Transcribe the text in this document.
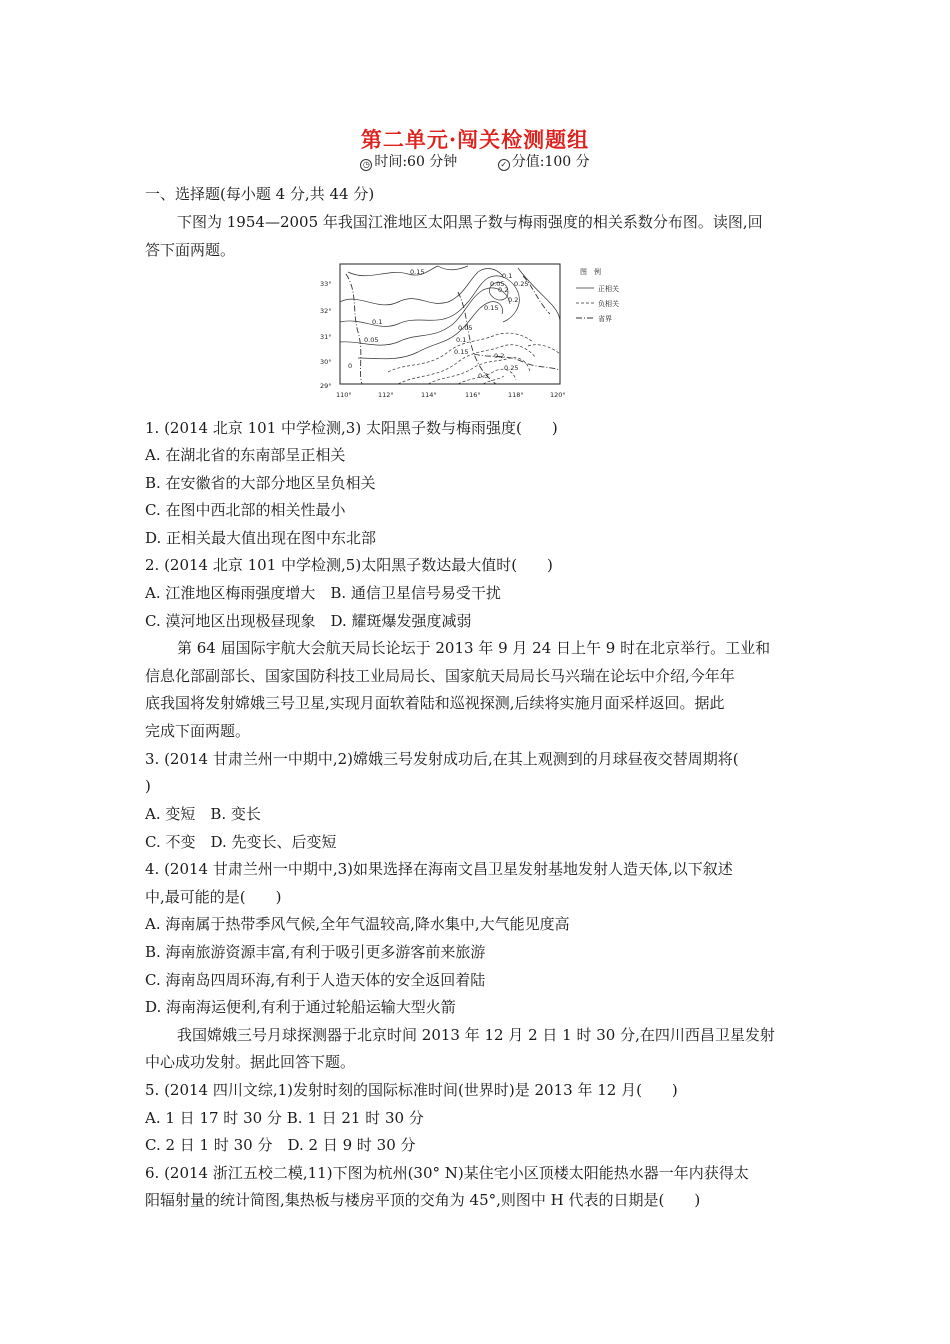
第二单元·闯关检测题组
◷ 时间:60 分钟	✓ 分值:100 分
一、选择题(每小题 4 分,共 44 分)
下图为 1954—2005 年我国江淮地区太阳黑子数与梅雨强度的相关系数分布图。读图,回
答下面两题。
33°
32°
31°
30°
29°
110°	112°	114°	116°	118°	120°
0.15
0.1
0.05
0
0.05
0.1
0.2
0.15
0.2
0.25
0.05
0.1
0.15	0.2
0.3
0.25
图　例
正相关
负相关
省界
1. (2014 北京 101 中学检测,3) 太阳黑子数与梅雨强度(　　)
A. 在湖北省的东南部呈正相关
B. 在安徽省的大部分地区呈负相关
C. 在图中西北部的相关性最小
D. 正相关最大值出现在图中东北部
2. (2014 北京 101 中学检测,5)太阳黑子数达最大值时(　　)
A. 江淮地区梅雨强度增大　B. 通信卫星信号易受干扰
C. 漠河地区出现极昼现象　D. 耀斑爆发强度减弱
第 64 届国际宇航大会航天局长论坛于 2013 年 9 月 24 日上午 9 时在北京举行。工业和
信息化部副部长、国家国防科技工业局局长、国家航天局局长马兴瑞在论坛中介绍,今年年
底我国将发射嫦娥三号卫星,实现月面软着陆和巡视探测,后续将实施月面采样返回。据此
完成下面两题。
3. (2014 甘肃兰州一中期中,2)嫦娥三号发射成功后,在其上观测到的月球昼夜交替周期将(
)
A. 变短　B. 变长
C. 不变　D. 先变长、后变短
4. (2014 甘肃兰州一中期中,3)如果选择在海南文昌卫星发射基地发射人造天体,以下叙述
中,最可能的是(　　)
A. 海南属于热带季风气候,全年气温较高,降水集中,大气能见度高
B. 海南旅游资源丰富,有利于吸引更多游客前来旅游
C. 海南岛四周环海,有利于人造天体的安全返回着陆
D. 海南海运便利,有利于通过轮船运输大型火箭
我国嫦娥三号月球探测器于北京时间 2013 年 12 月 2 日 1 时 30 分,在四川西昌卫星发射
中心成功发射。据此回答下题。
5. (2014 四川文综,1)发射时刻的国际标准时间(世界时)是 2013 年 12 月(　　)
A. 1 日 17 时 30 分 B. 1 日 21 时 30 分
C. 2 日 1 时 30 分　D. 2 日 9 时 30 分
6. (2014 浙江五校二模,11)下图为杭州(30° N)某住宅小区顶楼太阳能热水器一年内获得太
阳辐射量的统计简图,集热板与楼房平顶的交角为 45°,则图中 H 代表的日期是(　　)
